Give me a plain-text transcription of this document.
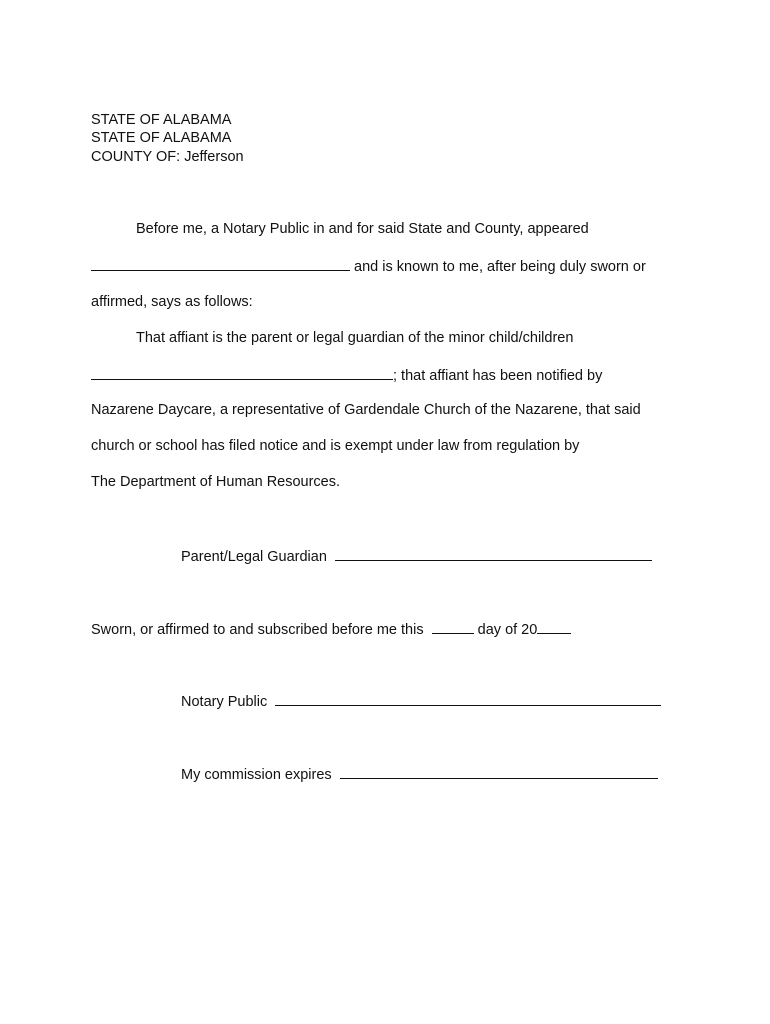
STATE OF ALABAMA
STATE OF ALABAMA
COUNTY OF: Jefferson
Before me, a Notary Public in and for said State and County, appeared
and is known to me, after being duly sworn or
affirmed, says as follows:
That affiant is the parent or legal guardian of the minor child/children
; that affiant has been notified by
Nazarene Daycare, a representative of Gardendale Church of the Nazarene, that said
church or school has filed notice and is exempt under law from regulation by
The Department of Human Resources.
Parent/Legal Guardian
Sworn, or affirmed to and subscribed before me this	day of 20
Notary Public
My commission expires
